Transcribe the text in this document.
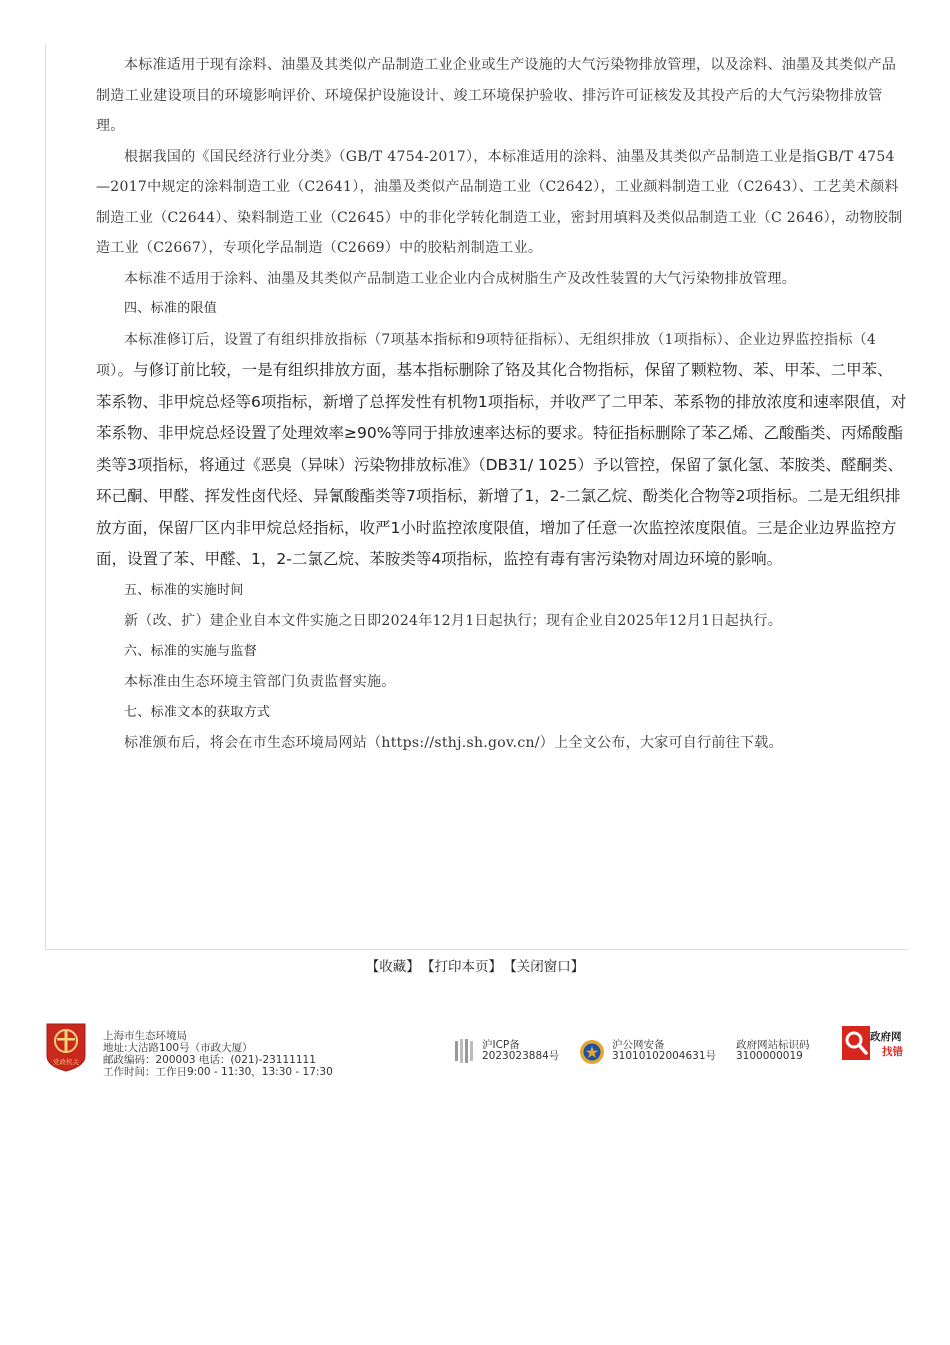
本标准适用于现有涂料、油墨及其类似产品制造工业企业或生产设施的大气污染物排放管理，以及涂料、油墨及其类似产品制造工业建设项目的环境影响评价、环境保护设施设计、竣工环境保护验收、排污许可证核发及其投产后的大气污染物排放管理。

根据我国的《国民经济行业分类》（GB/T 4754-2017），本标准适用的涂料、油墨及其类似产品制造工业是指GB/T 4754—2017中规定的涂料制造工业（C2641），油墨及类似产品制造工业（C2642），工业颜料制造工业（C2643）、工艺美术颜料制造工业（C2644）、染料制造工业（C2645）中的非化学转化制造工业，密封用填料及类似品制造工业（C 2646），动物胶制造工业（C2667），专项化学品制造（C2669）中的胶粘剂制造工业。

本标准不适用于涂料、油墨及其类似产品制造工业企业内合成树脂生产及改性装置的大气污染物排放管理。

四、标准的限值

本标准修订后，设置了有组织排放指标（7项基本指标和9项特征指标）、无组织排放（1项指标）、企业边界监控指标（4项）。与修订前比较，一是有组织排放方面，基本指标删除了铬及其化合物指标，保留了颗粒物、苯、甲苯、二甲苯、苯系物、非甲烷总烃等6项指标，新增了总挥发性有机物1项指标，并收严了二甲苯、苯系物的排放浓度和速率限值，对苯系物、非甲烷总烃设置了处理效率≥90%等同于排放速率达标的要求。特征指标删除了苯乙烯、乙酸酯类、丙烯酸酯类等3项指标，将通过《恶臭（异味）污染物排放标准》（DB31/ 1025）予以管控，保留了氯化氢、苯胺类、醛酮类、环己酮、甲醛、挥发性卤代烃、异氰酸酯类等7项指标，新增了1，2-二氯乙烷、酚类化合物等2项指标。二是无组织排放方面，保留厂区内非甲烷总烃指标，收严1小时监控浓度限值，增加了任意一次监控浓度限值。三是企业边界监控方面，设置了苯、甲醛、1，2-二氯乙烷、苯胺类等4项指标，监控有毒有害污染物对周边环境的影响。

五、标准的实施时间

新（改、扩）建企业自本文件实施之日即2024年12月1日起执行；现有企业自2025年12月1日起执行。

六、标准的实施与监督

本标准由生态环境主管部门负责监督实施。

七、标准文本的获取方式

标准颁布后，将会在市生态环境局网站（https://sthj.sh.gov.cn/）上全文公布，大家可自行前往下载。

【收藏】 【打印本页】 【关闭窗口】
党政机关
上海市生态环境局
地址:大沽路100号（市政大厦）
邮政编码：200003 电话：(021)-23111111
工作时间：工作日9:00 - 11:30，13:30 - 17:30
沪ICP备
2023023884号
沪公网安备
31010102004631号
政府网站标识码
3100000019
政府网
找错
